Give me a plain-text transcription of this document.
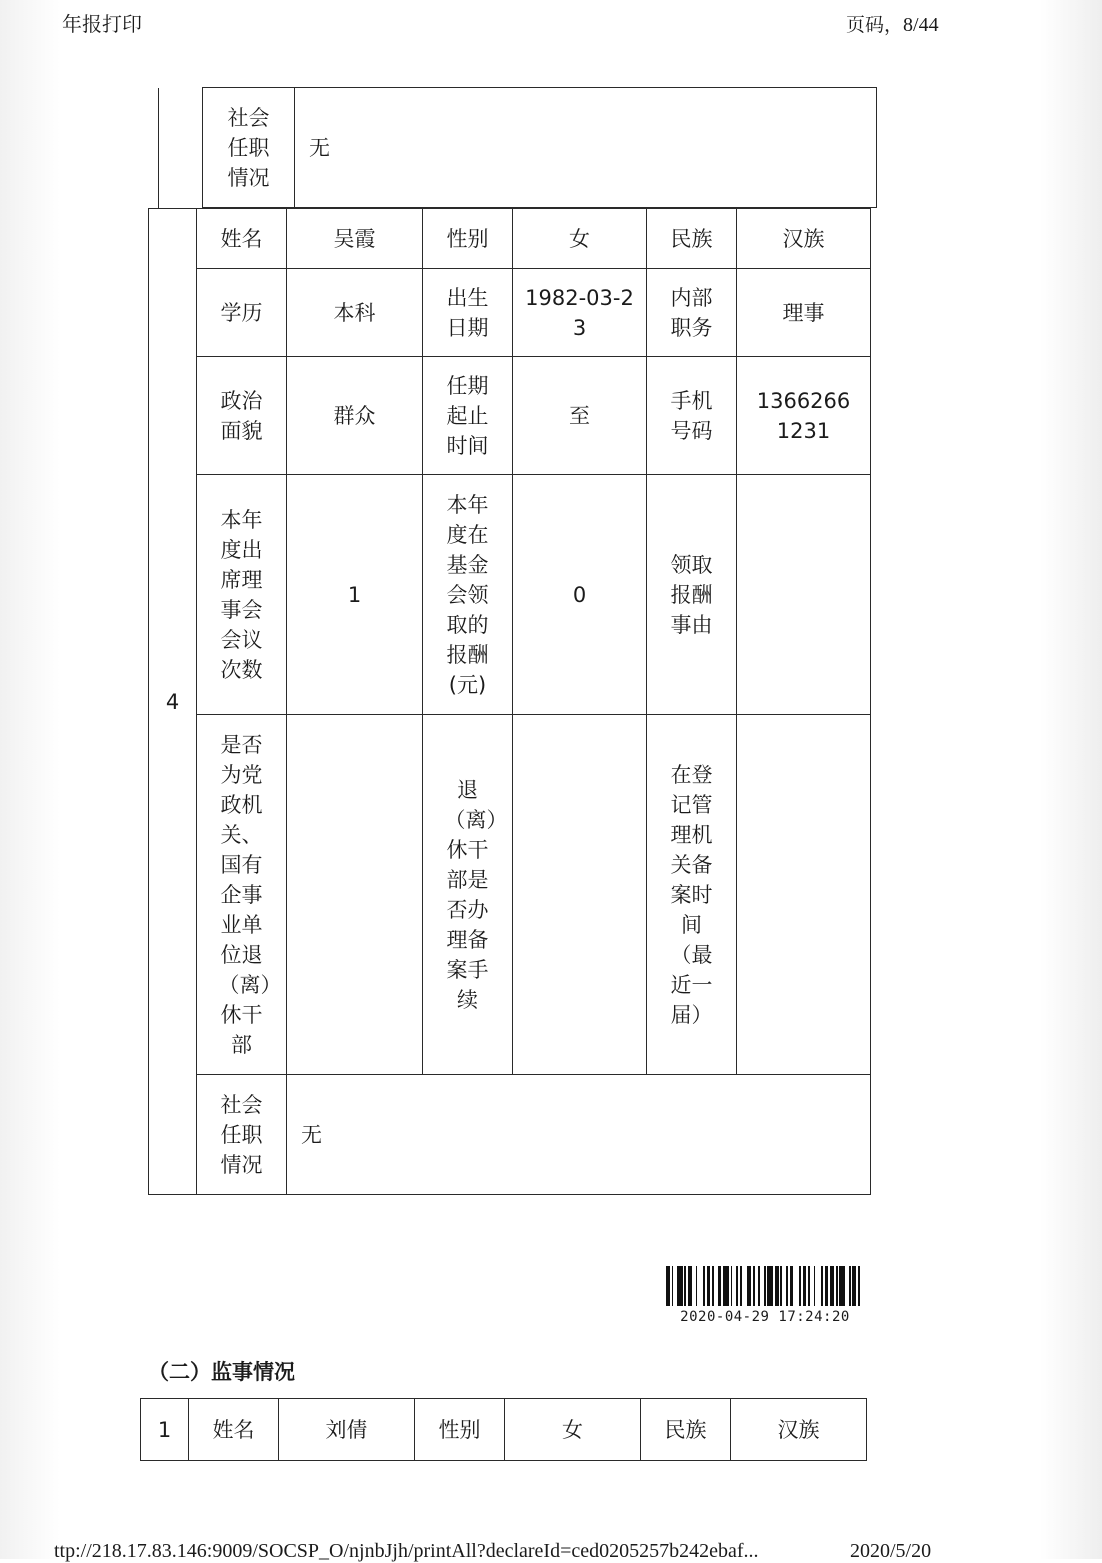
年报打印	页码，8/44
	社会任职情况	无
4	姓名	吴霞	性别	女	民族	汉族
	学历	本科	出生日期	1982-03-23	内部职务	理事
	政治面貌	群众	任期起止时间	至	手机号码	13662661231
	本年度出席理事会会议次数	1	本年度在基金会领取的报酬(元)	0	领取报酬事由	
	是否为党政机关、国有企事业单位退（离）休干部		退（离）休干部是否办理备案手续		在登记管理机关备案时间（最近一届）	
	社会任职情况	无				
2020-04-29 17:24:20
（二）监事情况
1	姓名	刘倩	性别	女	民族	汉族
ttp://218.17.83.146:9009/SOCSP_O/njnbJjh/printAll?declareId=ced0205257b242ebaf...	2020/5/20
